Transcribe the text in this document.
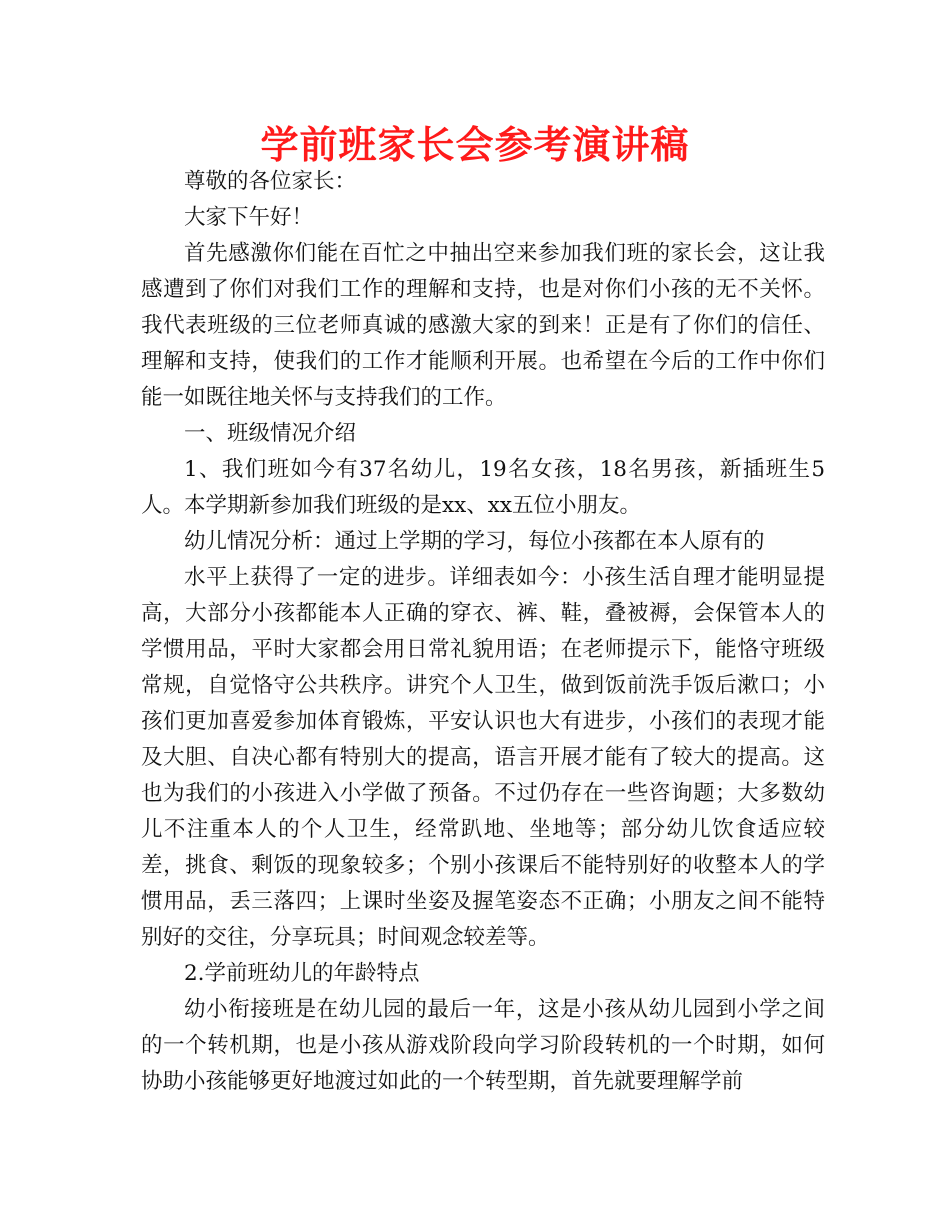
学前班家长会参考演讲稿

尊敬的各位家长：

大家下午好！

首先感激你们能在百忙之中抽出空来参加我们班的家长会，这让我感遭到了你们对我们工作的理解和支持，也是对你们小孩的无不关怀。我代表班级的三位老师真诚的感激大家的到来！正是有了你们的信任、理解和支持，使我们的工作才能顺利开展。也希望在今后的工作中你们能一如既往地关怀与支持我们的工作。

一、班级情况介绍

1、我们班如今有37名幼儿，19名女孩，18名男孩，新插班生5人。本学期新参加我们班级的是xx、xx五位小朋友。

幼儿情况分析：通过上学期的学习，每位小孩都在本人原有的

水平上获得了一定的进步。详细表如今：小孩生活自理才能明显提高，大部分小孩都能本人正确的穿衣、裤、鞋，叠被褥，会保管本人的学惯用品，平时大家都会用日常礼貌用语；在老师提示下，能恪守班级常规，自觉恪守公共秩序。讲究个人卫生，做到饭前洗手饭后漱口；小孩们更加喜爱参加体育锻炼，平安认识也大有进步，小孩们的表现才能及大胆、自决心都有特别大的提高，语言开展才能有了较大的提高。这也为我们的小孩进入小学做了预备。不过仍存在一些咨询题；大多数幼儿不注重本人的个人卫生，经常趴地、坐地等；部分幼儿饮食适应较差，挑食、剩饭的现象较多；个别小孩课后不能特别好的收整本人的学惯用品，丢三落四；上课时坐姿及握笔姿态不正确；小朋友之间不能特别好的交往，分享玩具；时间观念较差等。

2.学前班幼儿的年龄特点

幼小衔接班是在幼儿园的最后一年，这是小孩从幼儿园到小学之间的一个转机期，也是小孩从游戏阶段向学习阶段转机的一个时期，如何协助小孩能够更好地渡过如此的一个转型期，首先就要理解学前
